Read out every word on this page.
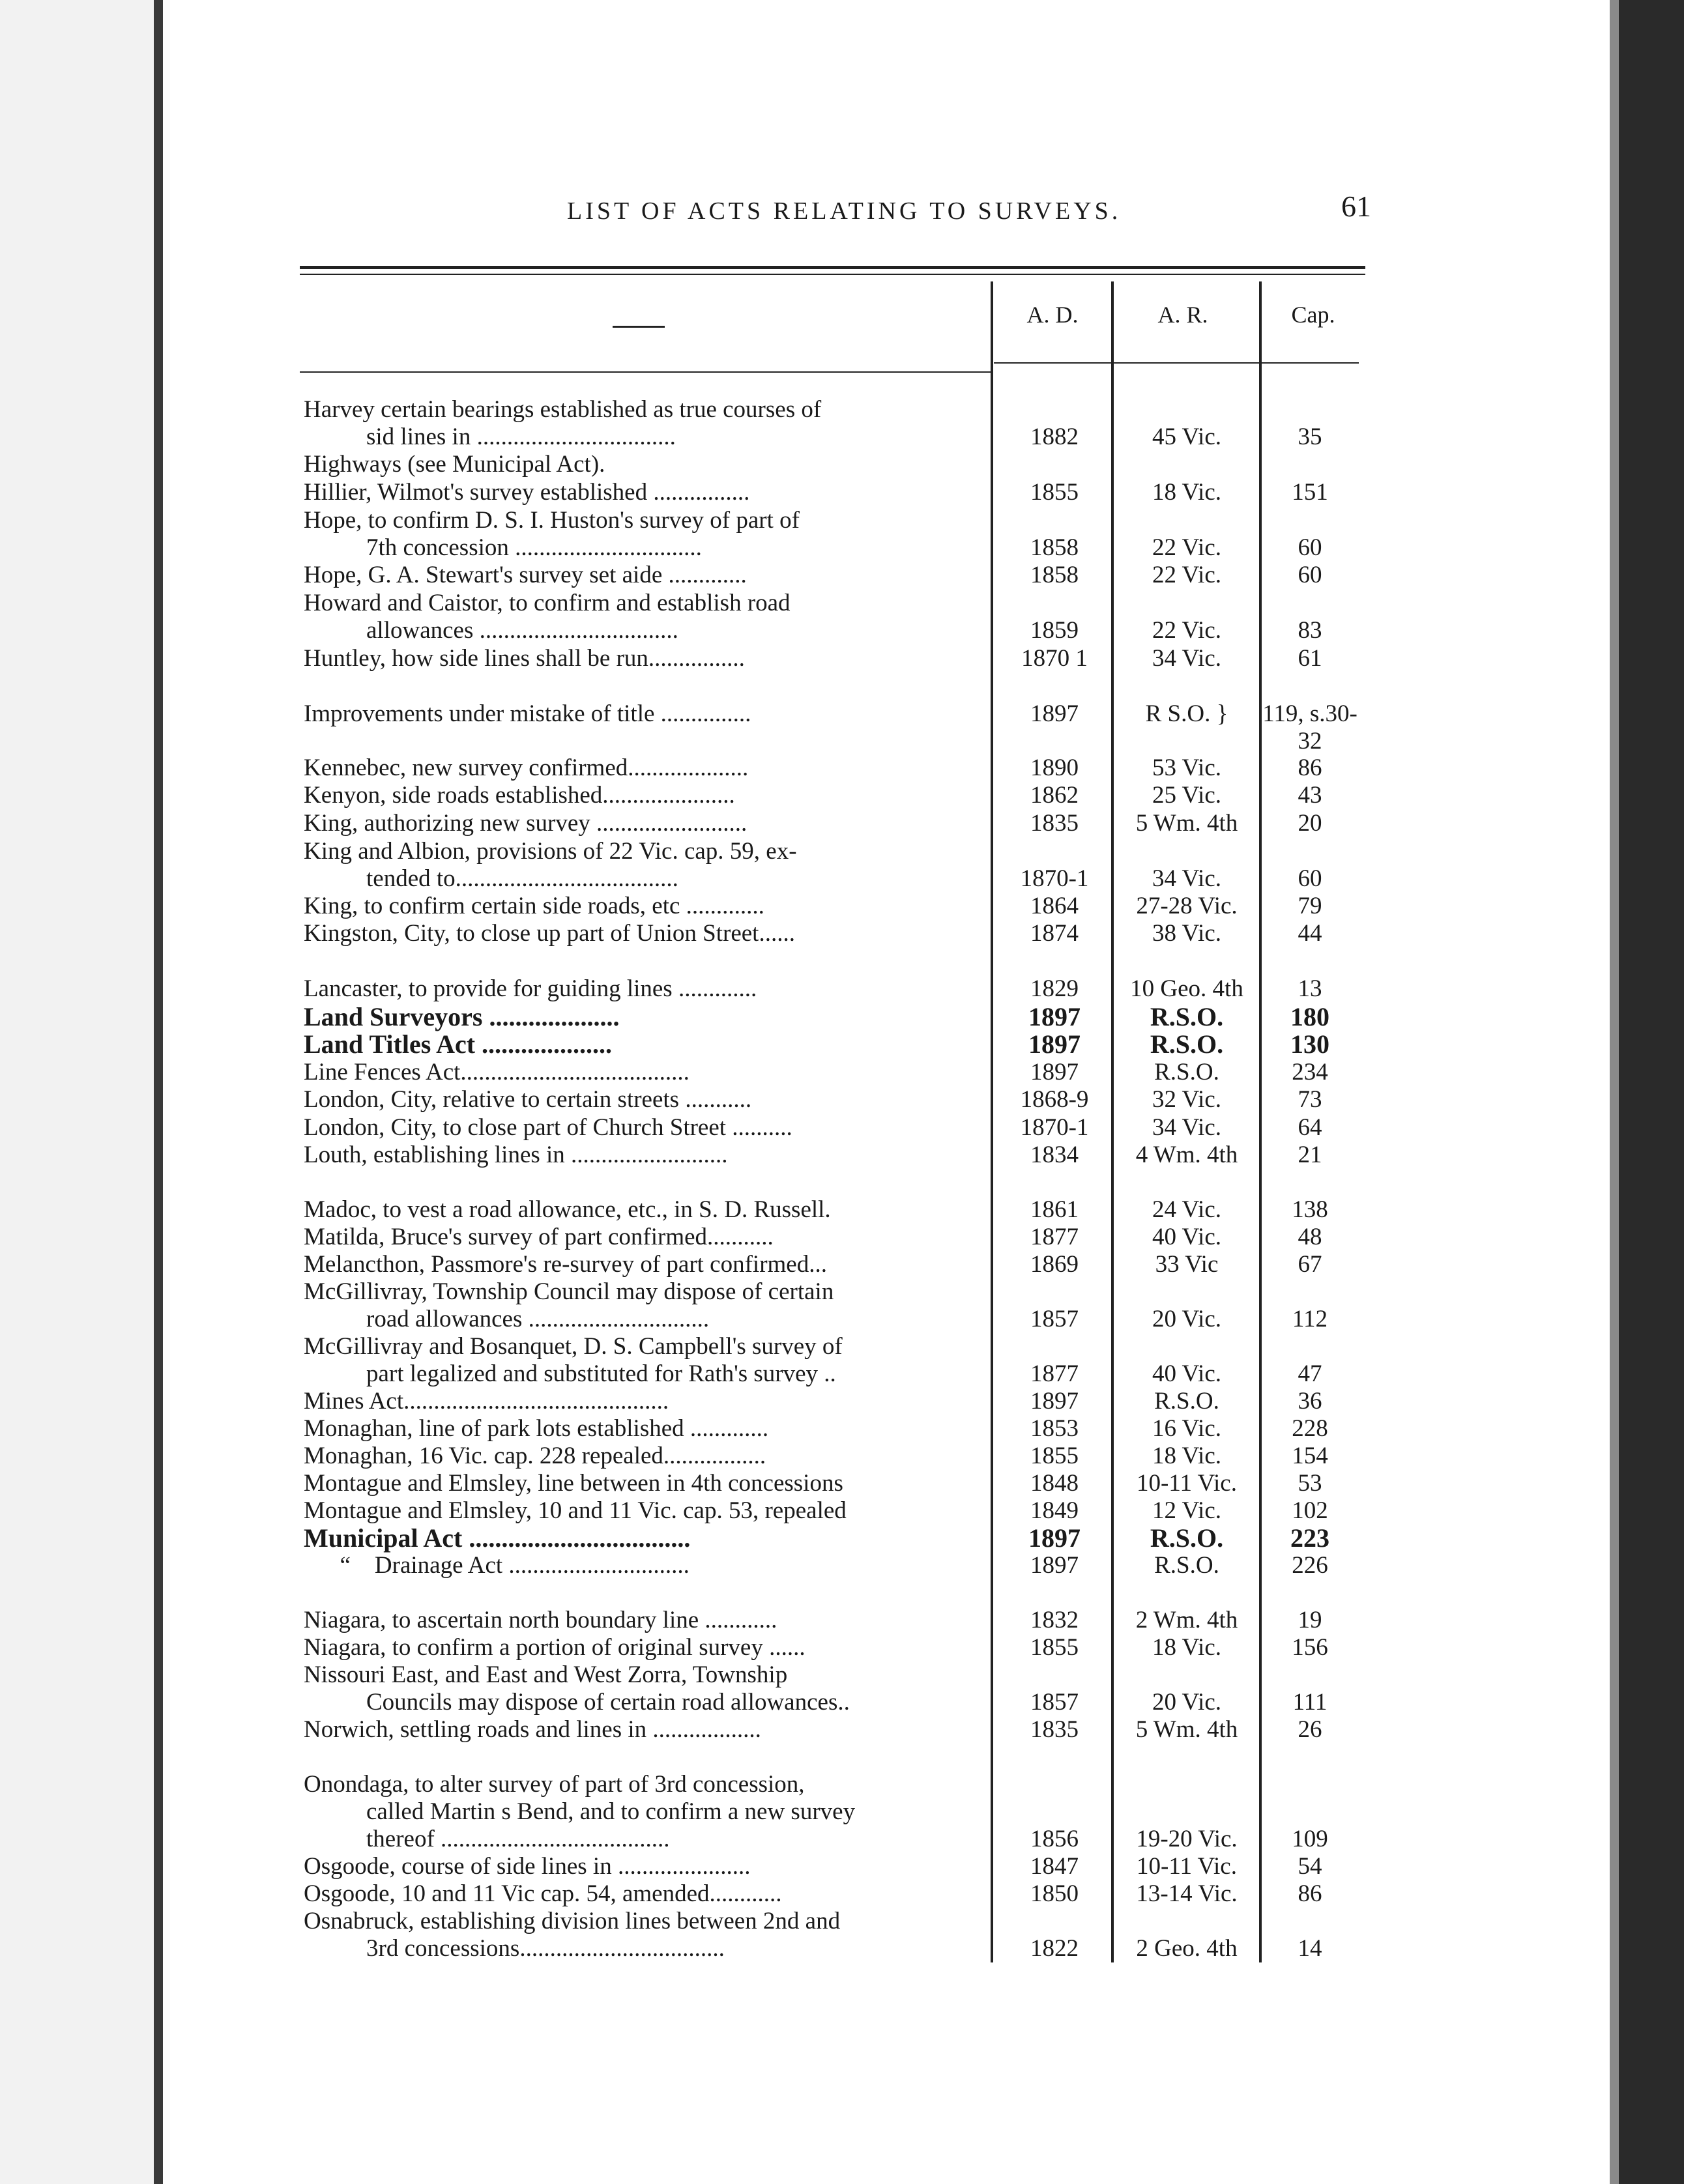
LIST OF ACTS RELATING TO SURVEYS.	61
A. D.	A. R.	Cap.
Harvey certain bearings established as true courses of
sid lines in .................................	1882	45 Vic.	35
Highways (see Municipal Act).
Hillier, Wilmot's survey established ................	1855	18 Vic.	151
Hope, to confirm D. S. I. Huston's survey of part of
7th concession ...............................	1858	22 Vic.	60
Hope, G. A. Stewart's survey set aide .............	1858	22 Vic.	60
Howard and Caistor, to confirm and establish road
allowances .................................	1859	22 Vic.	83
Huntley, how side lines shall be run................	1870 1	34 Vic.	61
Improvements under mistake of title ...............	1897	R S.O. }	119, s.30-32
Kennebec, new survey confirmed....................	1890	53 Vic.	86
Kenyon, side roads established......................	1862	25 Vic.	43
King, authorizing new survey .........................	1835	5 Wm. 4th	20
King and Albion, provisions of 22 Vic. cap. 59, ex-
tended to.....................................	1870-1	34 Vic.	60
King, to confirm certain side roads, etc .............	1864	27-28 Vic.	79
Kingston, City, to close up part of Union Street......	1874	38 Vic.	44
Lancaster, to provide for guiding lines .............	1829	10 Geo. 4th	13
Land Surveyors ....................	1897	R.S.O.	180
Land Titles Act ....................	1897	R.S.O.	130
Line Fences Act......................................	1897	R.S.O.	234
London, City, relative to certain streets ...........	1868-9	32 Vic.	73
London, City, to close part of Church Street ..........	1870-1	34 Vic.	64
Louth, establishing lines in ..........................	1834	4 Wm. 4th	21
Madoc, to vest a road allowance, etc., in S. D. Russell.	1861	24 Vic.	138
Matilda, Bruce's survey of part confirmed...........	1877	40 Vic.	48
Melancthon, Passmore's re-survey of part confirmed...	1869	33 Vic	67
McGillivray, Township Council may dispose of certain
road allowances ..............................	1857	20 Vic.	112
McGillivray and Bosanquet, D. S. Campbell's survey of
part legalized and substituted for Rath's survey ..	1877	40 Vic.	47
Mines Act............................................	1897	R.S.O.	36
Monaghan, line of park lots established .............	1853	16 Vic.	228
Monaghan, 16 Vic. cap. 228 repealed.................	1855	18 Vic.	154
Montague and Elmsley, line between in 4th concessions	1848	10-11 Vic.	53
Montague and Elmsley, 10 and 11 Vic. cap. 53, repealed	1849	12 Vic.	102
Municipal Act ..................................	1897	R.S.O.	223
“    Drainage Act ..............................	1897	R.S.O.	226
Niagara, to ascertain north boundary line ............	1832	2 Wm. 4th	19
Niagara, to confirm a portion of original survey ......	1855	18 Vic.	156
Nissouri East, and East and West Zorra, Township
Councils may dispose of certain road allowances..	1857	20 Vic.	111
Norwich, settling roads and lines in ..................	1835	5 Wm. 4th	26
Onondaga, to alter survey of part of 3rd concession,
called Martin s Bend, and to confirm a new survey
thereof ......................................	1856	19-20 Vic.	109
Osgoode, course of side lines in ......................	1847	10-11 Vic.	54
Osgoode, 10 and 11 Vic cap. 54, amended............	1850	13-14 Vic.	86
Osnabruck, establishing division lines between 2nd and
3rd concessions..................................	1822	2 Geo. 4th	14
